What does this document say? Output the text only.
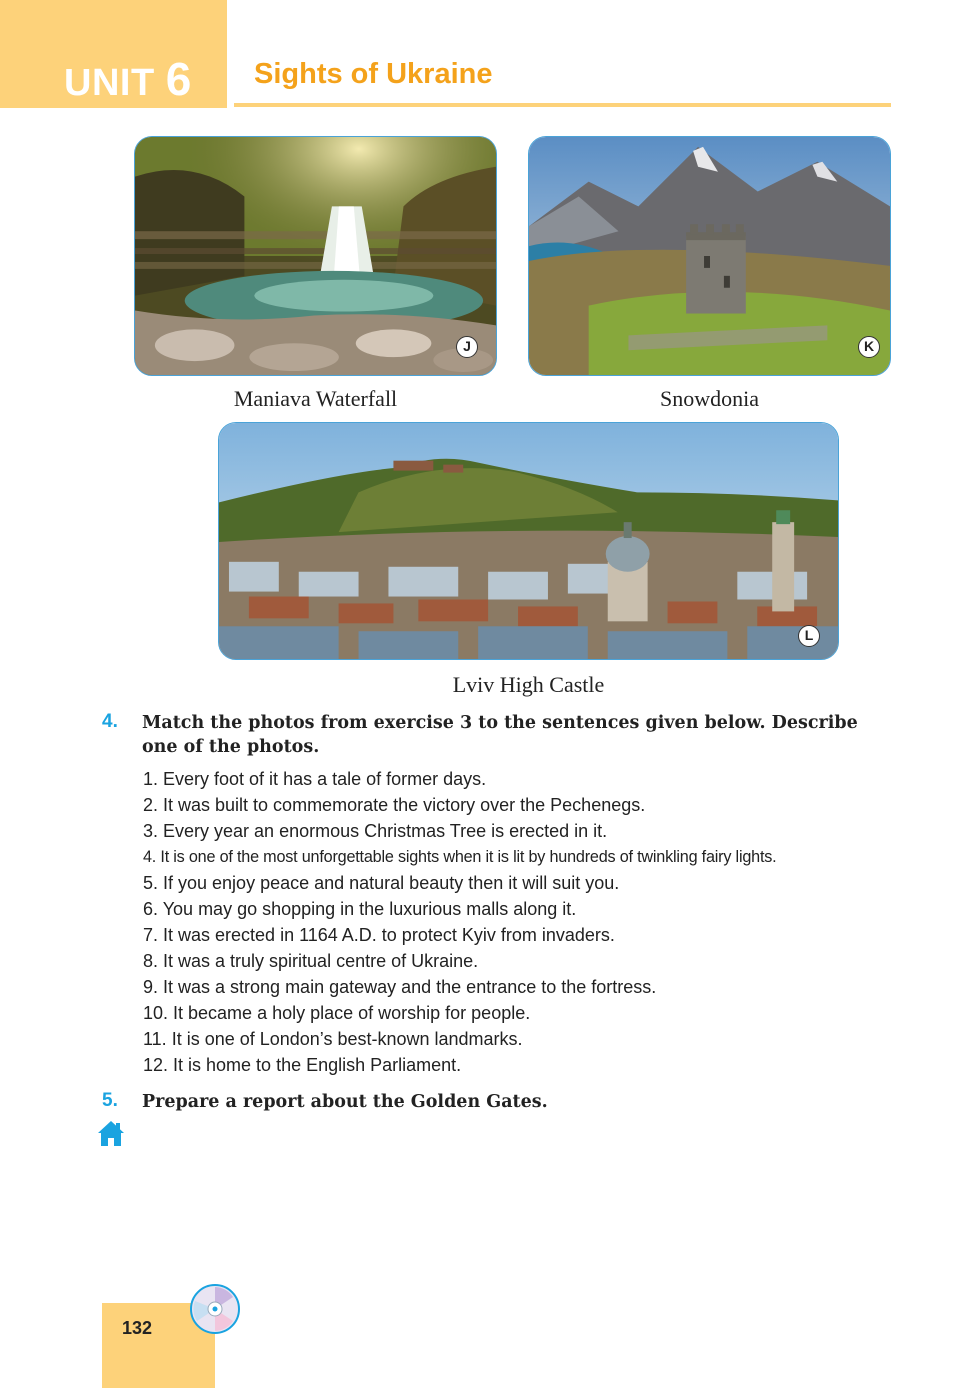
UNIT 6 Sights of Ukraine
J
Maniava Waterfall
K
Snowdonia
L
Lviv High Castle
4. Match the photos from exercise 3 to the sentences given below. Describe
one of the photos.
1. Every foot of it has a tale of former days.
2. It was built to commemorate the victory over the Pechenegs.
3. Every year an enormous Christmas Tree is erected in it.
4. It is one of the most unforgettable sights when it is lit by hundreds of twinkling fairy lights.
5. If you enjoy peace and natural beauty then it will suit you.
6. You may go shopping in the luxurious malls along it.
7. It was erected in 1164 A.D. to protect Kyiv from invaders.
8. It was a truly spiritual centre of Ukraine.
9. It was a strong main gateway and the entrance to the fortress.
10. It became a holy place of worship for people.
11. It is one of London’s best-known landmarks.
12. It is home to the English Parliament.
5. Prepare a report about the Golden Gates.
132
